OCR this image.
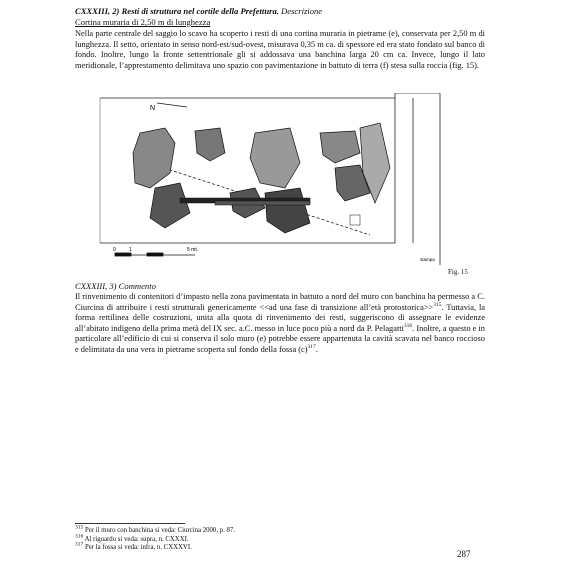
CXXXIII, 2) Resti di struttura nel cortile della Prefettura. Descrizione
Cortina muraria di 2,50 m di lunghezza

Nella parte centrale del saggio lo scavo ha scoperto i resti di una cortina muraria in pietrame (e), conservata per 2,50 m di lunghezza. Il setto, orientato in senso nord-est/sud-ovest, misurava 0,35 m ca. di spessore ed era stato fondato sul banco di fondo. Inoltre, lungo la fronte settentrionale gli si addossava una banchina larga 20 cm ca. Invece, lungo il lato meridionale, l’apprestamento delimitava uno spazio con pavimentazione in battuto di terra (f) stesa sulla roccia (fig. 15).

N
0	1	5 mt.
stampa
Fig. 15
CXXXIII, 3) Commento

Il rinvenimento di contenitori d’impasto nella zona pavimentata in battuto a nord del muro con banchina ha permesso a C. Ciurcina di attribuire i resti strutturali genericamente <<ad una fase di transizione all’età protostorica>>$^{315}$. Tuttavia, la forma rettilinea delle costruzioni, unita alla quota di rinvenimento dei resti, suggeriscono di assegnare le evidenze all’abitato indigeno della prima metà del IX sec. a.C. messo in luce poco più a nord da P. Pelagatti$^{316}$. Inoltre, a questo e in particolare all’edificio di cui si conserva il solo muro (e) potrebbe essere appartenuta la cavità scavata nel banco roccioso e delimitata da una vera in pietrame scoperta sul fondo della fossa $(c)^{317}$.

$^{315}$ Per il muro con banchina si veda: Ciurcina 2000, p. 87.
$^{316}$ Al riguardo si veda: supra, n. CXXXI.
$^{317}$ Per la fossa si veda: infra, n. CXXXVI.
287
